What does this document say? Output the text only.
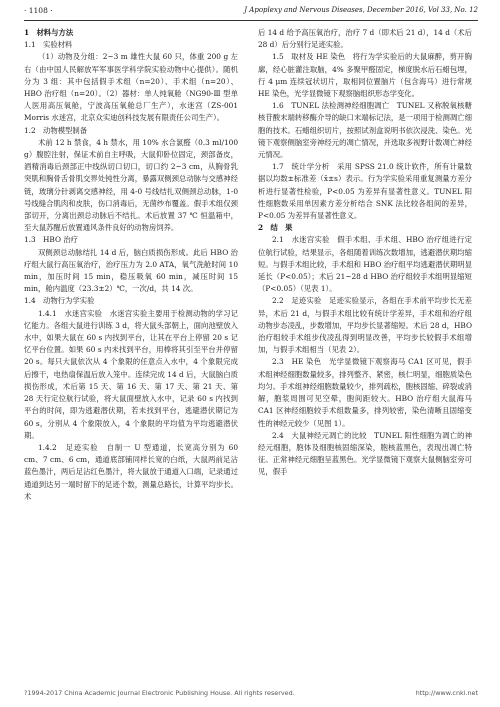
· 1108 ·	J Apoplexy and Nervous Diseases, December 2016, Vol 33, No. 12

1　材料与方法

1.1　实验材料

（1）动物及分组：2~3 m 雄性大鼠 60 只，体重 200 g 左右（由中国人民解放军军事医学科学院实验动物中心提供）。随机分为 3 组：其中包括假手术组（n=20）、手术组（n=20）、HBO 治疗组（n=20）。（2）器材：单人纯氧舱（NG90-Ⅲ 型单人医用高压氧舱，宁波高压氧舱总厂生产），水迷宫（ZS-001 Morris 水迷宫，北京众实迪创科技发展有限责任公司生产）。

1.2　动物模型制备

术前 12 h 禁食，4 h 禁水，用 10% 水合氯醛（0.3 ml/100 g）腹腔注射，保证术前自主呼吸，大鼠仰卧位固定，颈部备皮，酒精消毒后颈部正中线纵切口切口，切口约 2~3 cm，从胸骨乳突肌和胸骨舌骨肌交界处钝性分离，暴露双侧颈总动脉与交感神经链，玻璃分针剥离交感神经，用 4-0 号线结扎双侧颈总动脉，1-0 号线缝合肌肉和皮肤，伤口消毒后，无菌纱布覆盖。假手术组仅颈部切开，分离出颈总动脉后不结扎。术后放置 37 ℃ 恒温箱中，至大鼠苏醒后放置通风条件良好的动物房饲养。

1.3　HBO 治疗

双侧颈总动脉结扎 14 d 后，脑白质损伤形成。此后 HBO 治疗组大鼠行高压氧治疗，治疗压力为 2.0 ATA，氧气洗舱时间 10 min，加压时间 15 min，稳压吸氧 60 min，减压时间 15 min，舱内温度（23.3±2）℃，一次/d，共 14 次。

1.4　动物行为学实验

1.4.1　水迷宫实验　水迷宫实验主要用于检测动物的学习记忆能力。各组大鼠进行训练 3 d，将大鼠头部朝上，面向池壁放入水中，如果大鼠在 60 s 内找到平台，让其在平台上停留 20 s 记忆平台位置。如果 60 s 内未找到平台，用棒将其引至平台并停留 20 s。每只大鼠依次从 4 个象限的任意点入水中，4 个象限完成后擦干，电热扇保温后放入笼中。连续完成 14 d 后，大鼠脑白质损伤形成，术后第 15 天、第 16 天、第 17 天、第 21 天、第 28 天行定位航行试验，将大鼠面壁放入水中，记录 60 s 内找到平台的时间，即为逃避潜伏期，若未找到平台，逃避潜伏期记为 60 s，分别从 4 个象限放入，4 个象限的平均值为平均逃避潜伏期。

1.4.2　足迹实验　自制一 U 型通道，长宽高分别为 60 cm、7 cm、6 cm，通道底部铺同样长宽的白纸，大鼠两前足沾蓝色墨汁，两后足沾红色墨汁，将大鼠放于通道入口端，记录通过通道到达另一端时留下的足迹个数，测量总路长，计算平均步长。术

后 14 d 给予高压氧治疗，治疗 7 d（即术后 21 d），14 d（术后 28 d）后分别行足迹实验。

1.5　取材及 HE 染色　将行为学实验后的大鼠麻醉，剪开胸廓，经心脏灌注取脑，4% 多聚甲醛固定，梯度脱水后石蜡包埋，行 4 μm 连续冠状切片，取相同位置脑片（包含海马）进行常规 HE 染色，光学显微镜下观察脑组织形态学变化。

1.6　TUNEL 法检测神经细胞凋亡　TUNEL 又称脱氧核糖核苷酸末端转移酶介导的缺口末端标记法，是一项用于检测凋亡细胞的技术。石蜡组织切片，按照试剂盒说明书依次浸洗、染色。光镜下观察侧脑室旁神经元的凋亡情况，并选取多视野计数凋亡神经元情况。

1.7　统计学分析　采用 SPSS 21.0 统计软件，所有计量数据以均数±标准差（x̄±s）表示。行为学实验采用重复测量方差分析进行显著性检验，P<0.05 为差异有显著性意义。TUNEL 阳性细胞数采用单因素方差分析结合 SNK 法比较各组间的差异，P<0.05 为差异有显著性意义。

2　结　果

2.1　水迷宫实验　假手术组、手术组、HBO 治疗组进行定位航行试验，结果显示，各组随着训练次数增加，逃避潜伏期均缩短。与假手术组比较，手术组和 HBO 治疗组平均逃避潜伏期明显延长（P<0.05）；术后 21~28 d HBO 治疗组较手术组明显缩短（P<0.05）（见表 1）。

2.2　足迹实验　足迹实验显示，各组在手术前平均步长无差异，术后 21 d，与假手术组比较有统计学差异，手术组和治疗组动物步态凌乱，步数增加，平均步长显著缩短。术后 28 d，HBO 治疗组较手术组步伐凌乱得到明显改善，平均步长较假手术组增加，与假手术组相当（见表 2）。

2.3　HE 染色　光学显微镜下观察海马 CA1 区可见，假手术组神经细胞数量较多，排列整齐、紧密，核仁明显，细胞质染色均匀。手术组神经细胞数量较少，排列疏松，胞核固缩、碎裂或消解，胞浆周围可见空晕，胞间距较大。HBO 治疗组大鼠海马 CA1 区神经细胞较手术组数量多，排列较密，染色清晰且固缩变性的神经元较少（见图 1）。

2.4　大鼠神经元凋亡的比较　TUNEL 阳性细胞为凋亡的神经元细胞，胞体及细胞核固缩深染，胞核蓝黑色，表现出凋亡特征。正常神经元细胞呈蓝黑色。光学显微镜下观察大鼠侧脑室旁可见，假手

?1994-2017 China Academic Journal Electronic Publishing House. All rights reserved.	http://www.cnki.net
